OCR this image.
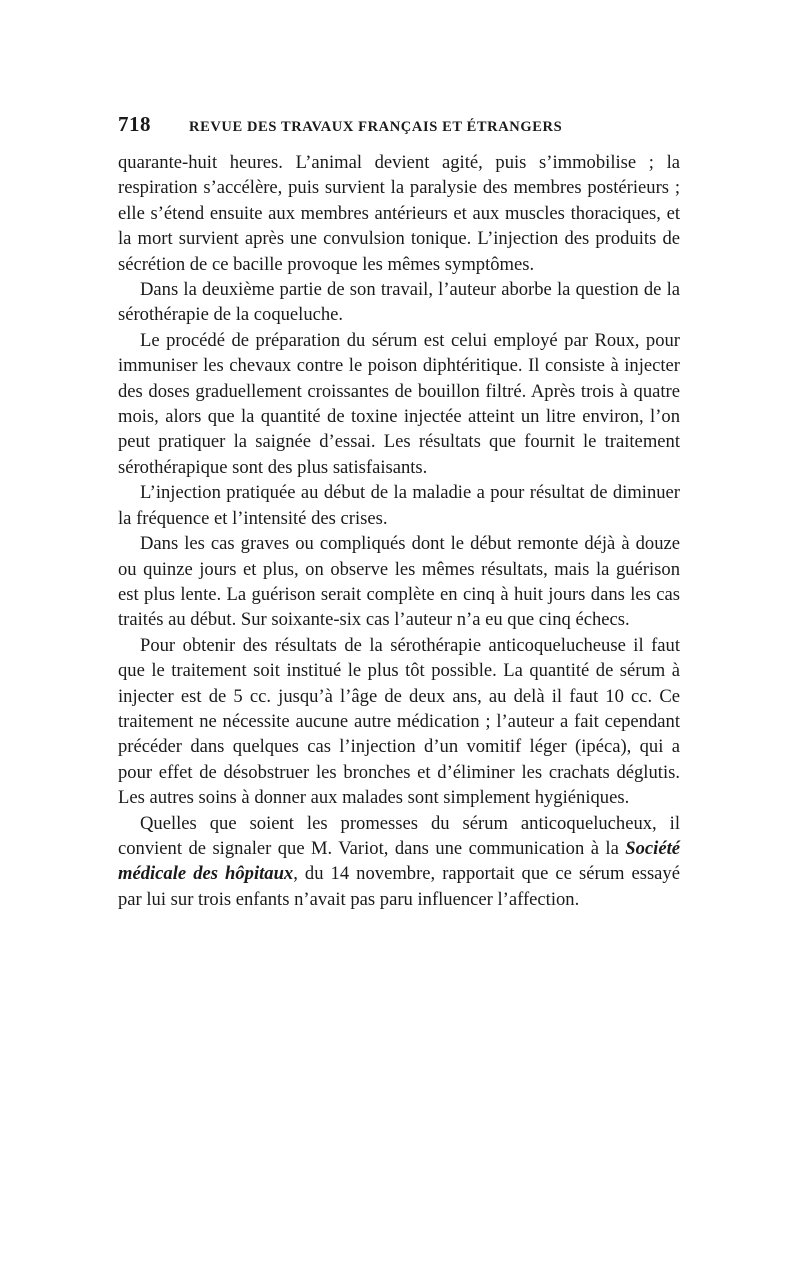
718	REVUE DES TRAVAUX FRANÇAIS ET ÉTRANGERS

quarante-huit heures. L’animal devient agité, puis s’immobilise ; la respiration s’accélère, puis survient la paralysie des membres postérieurs ; elle s’étend ensuite aux membres antérieurs et aux muscles thoraciques, et la mort survient après une convulsion tonique. L’injection des produits de sécrétion de ce bacille provoque les mêmes symptômes.

Dans la deuxième partie de son travail, l’auteur aborbe la question de la sérothérapie de la coqueluche.

Le procédé de préparation du sérum est celui employé par Roux, pour immuniser les chevaux contre le poison diphtéritique. Il consiste à injecter des doses graduellement croissantes de bouillon filtré. Après trois à quatre mois, alors que la quantité de toxine injectée atteint un litre environ, l’on peut pratiquer la saignée d’essai. Les résultats que fournit le traitement sérothérapique sont des plus satisfaisants.

L’injection pratiquée au début de la maladie a pour résultat de diminuer la fréquence et l’intensité des crises.

Dans les cas graves ou compliqués dont le début remonte déjà à douze ou quinze jours et plus, on observe les mêmes résultats, mais la guérison est plus lente. La guérison serait complète en cinq à huit jours dans les cas traités au début. Sur soixante-six cas l’auteur n’a eu que cinq échecs.

Pour obtenir des résultats de la sérothérapie anticoquelucheuse il faut que le traitement soit institué le plus tôt possible. La quantité de sérum à injecter est de 5 cc. jusqu’à l’âge de deux ans, au delà il faut 10 cc. Ce traitement ne nécessite aucune autre médication ; l’auteur a fait cependant précéder dans quelques cas l’injection d’un vomitif léger (ipéca), qui a pour effet de désobstruer les bronches et d’éliminer les crachats déglutis. Les autres soins à donner aux malades sont simplement hygiéniques.

Quelles que soient les promesses du sérum anticoquelucheux, il convient de signaler que M. Variot, dans une communication à la Société médicale des hôpitaux, du 14 novembre, rapportait que ce sérum essayé par lui sur trois enfants n’avait pas paru influencer l’affection.
